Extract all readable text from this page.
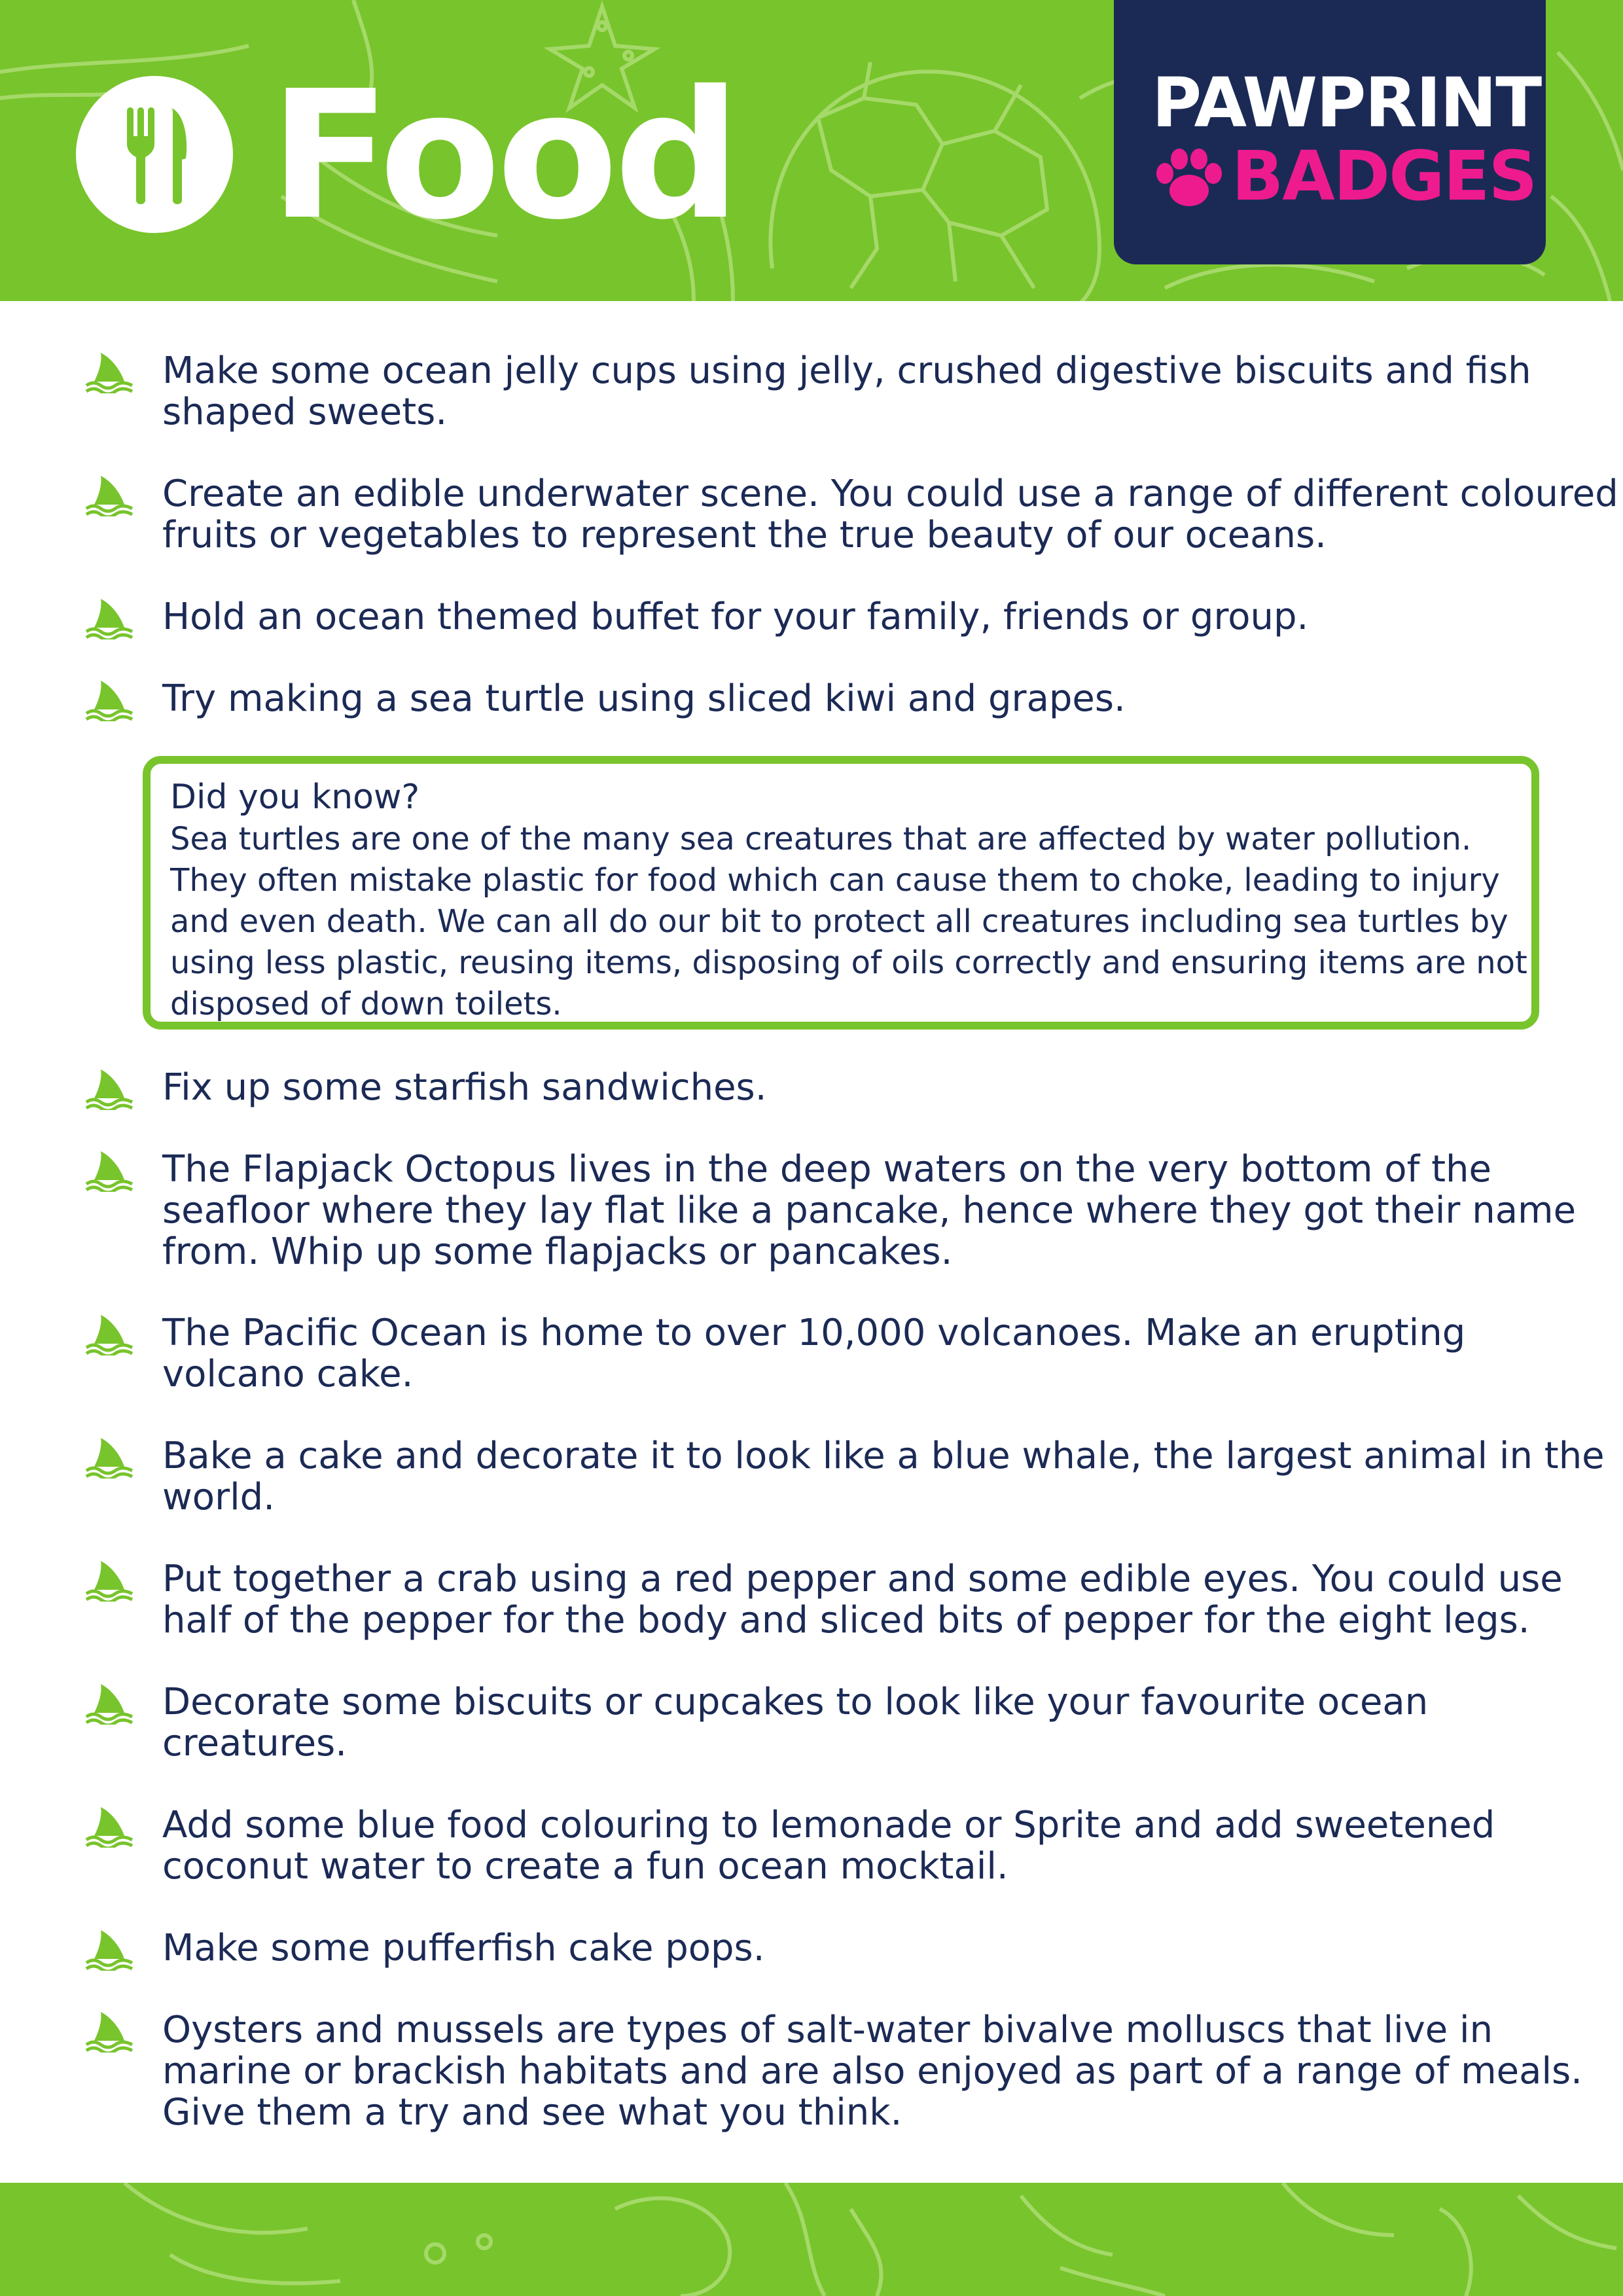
Food	PAWPRINT
BADGES
Make some ocean jelly cups using jelly, crushed digestive biscuits and fish shaped sweets.
Create an edible underwater scene. You could use a range of different coloured fruits or vegetables to represent the true beauty of our oceans.
Hold an ocean themed buffet for your family, friends or group.
Try making a sea turtle using sliced kiwi and grapes.
Did you know?
Sea turtles are one of the many sea creatures that are affected by water pollution. They often mistake plastic for food which can cause them to choke, leading to injury and even death. We can all do our bit to protect all creatures including sea turtles by using less plastic, reusing items, disposing of oils correctly and ensuring items are not disposed of down toilets.
Fix up some starfish sandwiches.
The Flapjack Octopus lives in the deep waters on the very bottom of the seafloor where they lay flat like a pancake, hence where they got their name from. Whip up some flapjacks or pancakes.
The Pacific Ocean is home to over 10,000 volcanoes. Make an erupting volcano cake.
Bake a cake and decorate it to look like a blue whale, the largest animal in the world.
Put together a crab using a red pepper and some edible eyes. You could use half of the pepper for the body and sliced bits of pepper for the eight legs.
Decorate some biscuits or cupcakes to look like your favourite ocean creatures.
Add some blue food colouring to lemonade or Sprite and add sweetened coconut water to create a fun ocean mocktail.
Make some pufferfish cake pops.
Oysters and mussels are types of salt-water bivalve molluscs that live in marine or brackish habitats and are also enjoyed as part of a range of meals. Give them a try and see what you think.
